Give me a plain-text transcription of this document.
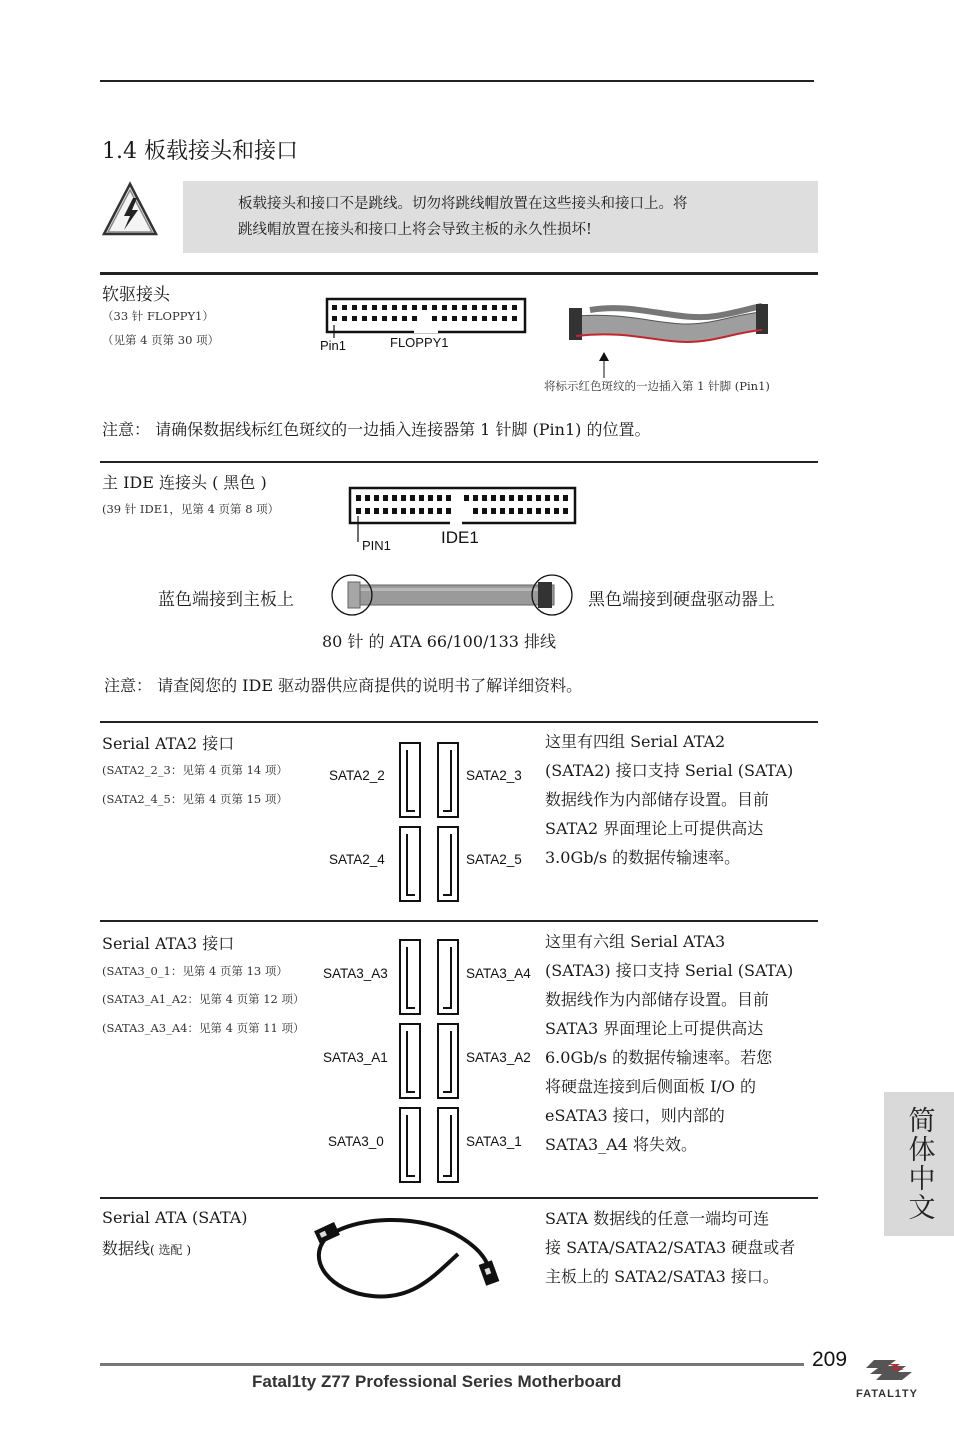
1.4 板载接头和接口
板载接头和接口不是跳线。切勿将跳线帽放置在这些接头和接口上。将
跳线帽放置在接头和接口上将会导致主板的永久性损坏!
软驱接头
（33 针 FLOPPY1）
（见第 4 页第 30 项）	Pin1	FLOPPY1
将标示红色斑纹的一边插入第 1 针脚 (Pin1)
注意： 请确保数据线标红色斑纹的一边插入连接器第 1 针脚 (Pin1) 的位置。
主 IDE 连接头 ( 黑色 )
(39 针 IDE1，见第 4 页第 8 项）
PIN1	IDE1
蓝色端接到主板上	黑色端接到硬盘驱动器上
80 针 的 ATA 66/100/133 排线
注意： 请查阅您的 IDE 驱动器供应商提供的说明书了解详细资料。
Serial ATA2 接口
(SATA2_2_3：见第 4 页第 14 项）
(SATA2_4_5：见第 4 页第 15 项）
SATA2_2	SATA2_3
SATA2_4	SATA2_5
这里有四组 Serial ATA2
(SATA2) 接口支持 Serial (SATA)
数据线作为内部储存设置。目前
SATA2 界面理论上可提供高达
3.0Gb/s 的数据传输速率。
Serial ATA3 接口
(SATA3_0_1：见第 4 页第 13 项）
(SATA3_A1_A2：见第 4 页第 12 项）
(SATA3_A3_A4：见第 4 页第 11 项）
SATA3_A3	SATA3_A4
SATA3_A1	SATA3_A2
SATA3_0	SATA3_1
这里有六组 Serial ATA3
(SATA3) 接口支持 Serial (SATA)
数据线作为内部储存设置。目前
SATA3 界面理论上可提供高达
6.0Gb/s 的数据传输速率。若您
将硬盘连接到后侧面板 I/O 的
eSATA3 接口，则内部的
SATA3_A4 将失效。
Serial ATA (SATA)
数据线( 选配 )
SATA 数据线的任意一端均可连
接 SATA/SATA2/SATA3 硬盘或者
主板上的 SATA2/SATA3 接口。
简体中文
209
Fatal1ty Z77 Professional Series Motherboard
FATAL1TY
